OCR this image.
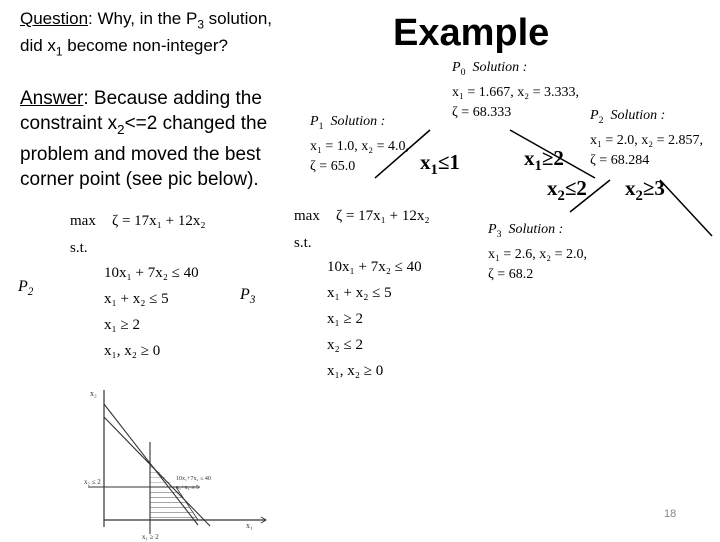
Question: Why, in the $P_3$ solution,
did $x_1$ become non-integer?
Answer: Because adding the
constraint $x_2<=2$ changed the
problem and moved the best
corner point (see pic below).
Example
$P_0$ Solution :
x₁ = 1.667, x₂ = 3.333,
ζ = 68.333
$P_1$ Solution :
x₁ = 1.0, x₂ = 4.0,
ζ = 65.0
$P_2$ Solution :
x₁ = 2.0, x₂ = 2.857,
ζ = 68.284
$P_3$ Solution :
x₁ = 2.6, x₂ = 2.0,
ζ = 68.2
$x_1\le 1$	$x_1\ge 2$
$x_2\le 2$ $x_2\ge 3$
$P_2$
max ζ = 17x₁ + 12x₂
s.t.
10x₁ + 7x₂ ≤ 40
x₁ + x₂ ≤ 5
x₁ ≥ 2
x₁, x₂ ≥ 0
$P_3$
max ζ = 17x₁ + 12x₂
s.t.
10x₁ + 7x₂ ≤ 40
x₁ + x₂ ≤ 5
x₁ ≥ 2
x₂ ≤ 2
x₁, x₂ ≥ 0
x₂
x₁
x₂ ≤ 2
x₁ ≥ 2
10x₁+7x₂ ≤ 40
x₁+x₂ ≤ 5
18
